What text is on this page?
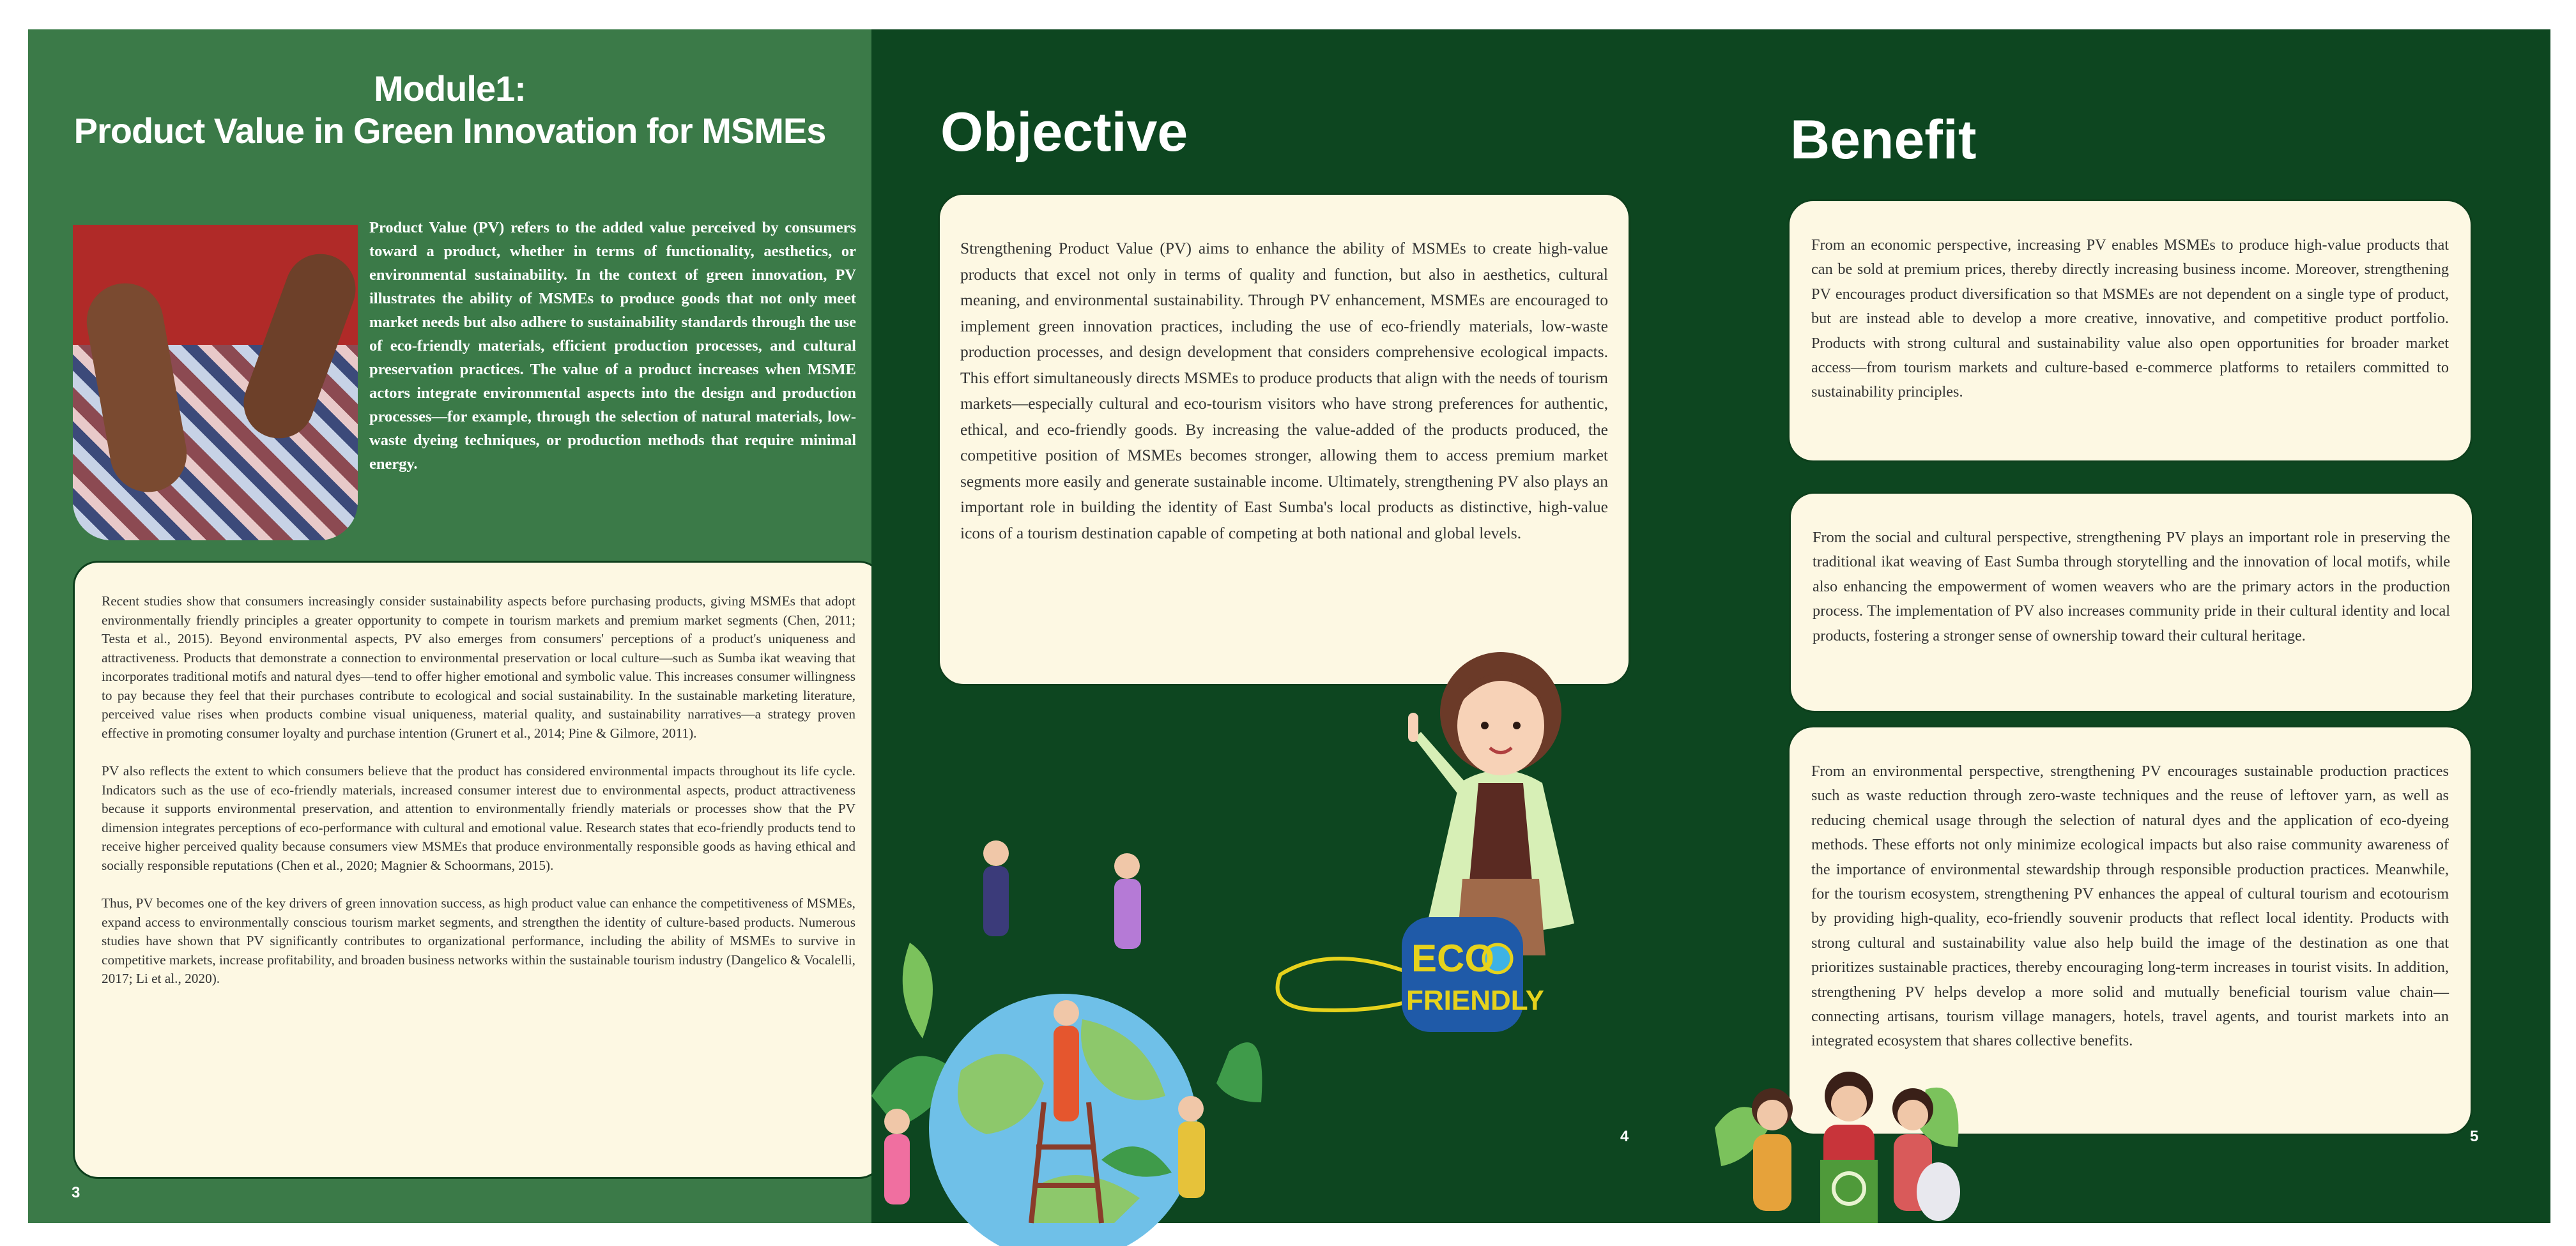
Module1:
Product Value in Green Innovation for MSMEs

Product Value (PV) refers to the added value perceived by consumers toward a product, whether in terms of functionality, aesthetics, or environmental sustainability. In the context of green innovation, PV illustrates the ability of MSMEs to produce goods that not only meet market needs but also adhere to sustainability standards through the use of eco-friendly materials, efficient production processes, and cultural preservation practices. The value of a product increases when MSME actors integrate environmental aspects into the design and production processes—for example, through the selection of natural materials, low-waste dyeing techniques, or production methods that require minimal energy.

Recent studies show that consumers increasingly consider sustainability aspects before purchasing products, giving MSMEs that adopt environmentally friendly principles a greater opportunity to compete in tourism markets and premium market segments (Chen, 2011; Testa et al., 2015). Beyond environmental aspects, PV also emerges from consumers' perceptions of a product's uniqueness and attractiveness. Products that demonstrate a connection to environmental preservation or local culture—such as Sumba ikat weaving that incorporates traditional motifs and natural dyes—tend to offer higher emotional and symbolic value. This increases consumer willingness to pay because they feel that their purchases contribute to ecological and social sustainability. In the sustainable marketing literature, perceived value rises when products combine visual uniqueness, material quality, and sustainability narratives—a strategy proven effective in promoting consumer loyalty and purchase intention (Grunert et al., 2014; Pine & Gilmore, 2011).

PV also reflects the extent to which consumers believe that the product has considered environmental impacts throughout its life cycle. Indicators such as the use of eco-friendly materials, increased consumer interest due to environmental aspects, product attractiveness because it supports environmental preservation, and attention to environmentally friendly materials or processes show that the PV dimension integrates perceptions of eco-performance with cultural and emotional value. Research states that eco-friendly products tend to receive higher perceived quality because consumers view MSMEs that produce environmentally responsible goods as having ethical and socially responsible reputations (Chen et al., 2020; Magnier & Schoormans, 2015).

Thus, PV becomes one of the key drivers of green innovation success, as high product value can enhance the competitiveness of MSMEs, expand access to environmentally conscious tourism market segments, and strengthen the identity of culture-based products. Numerous studies have shown that PV significantly contributes to organizational performance, including the ability of MSMEs to survive in competitive markets, increase profitability, and broaden business networks within the sustainable tourism industry (Dangelico & Vocalelli, 2017; Li et al., 2020).

3
Objective

Strengthening Product Value (PV) aims to enhance the ability of MSMEs to create high-value products that excel not only in terms of quality and function, but also in aesthetics, cultural meaning, and environmental sustainability. Through PV enhancement, MSMEs are encouraged to implement green innovation practices, including the use of eco-friendly materials, low-waste production processes, and design development that considers comprehensive ecological impacts. This effort simultaneously directs MSMEs to produce products that align with the needs of tourism markets—especially cultural and eco-tourism visitors who have strong preferences for authentic, ethical, and eco-friendly goods. By increasing the value-added of the products produced, the competitive position of MSMEs becomes stronger, allowing them to access premium market segments more easily and generate sustainable income. Ultimately, strengthening PV also plays an important role in building the identity of East Sumba's local products as distinctive, high-value icons of a tourism destination capable of competing at both national and global levels.

ECO
FRIENDLY
4
Benefit

From an economic perspective, increasing PV enables MSMEs to produce high-value products that can be sold at premium prices, thereby directly increasing business income. Moreover, strengthening PV encourages product diversification so that MSMEs are not dependent on a single type of product, but are instead able to develop a more creative, innovative, and competitive product portfolio. Products with strong cultural and sustainability value also open opportunities for broader market access—from tourism markets and culture-based e-commerce platforms to retailers committed to sustainability principles.

From the social and cultural perspective, strengthening PV plays an important role in preserving the traditional ikat weaving of East Sumba through storytelling and the innovation of local motifs, while also enhancing the empowerment of women weavers who are the primary actors in the production process. The implementation of PV also increases community pride in their cultural identity and local products, fostering a stronger sense of ownership toward their cultural heritage.

From an environmental perspective, strengthening PV encourages sustainable production practices such as waste reduction through zero-waste techniques and the reuse of leftover yarn, as well as reducing chemical usage through the selection of natural dyes and the application of eco-dyeing methods. These efforts not only minimize ecological impacts but also raise community awareness of the importance of environmental stewardship through responsible production practices. Meanwhile, for the tourism ecosystem, strengthening PV enhances the appeal of cultural tourism and ecotourism by providing high-quality, eco-friendly souvenir products that reflect local identity. Products with strong cultural and sustainability value also help build the image of the destination as one that prioritizes sustainable practices, thereby encouraging long-term increases in tourist visits. In addition, strengthening PV helps develop a more solid and mutually beneficial tourism value chain—connecting artisans, tourism village managers, hotels, travel agents, and tourist markets into an integrated ecosystem that shares collective benefits.

5
